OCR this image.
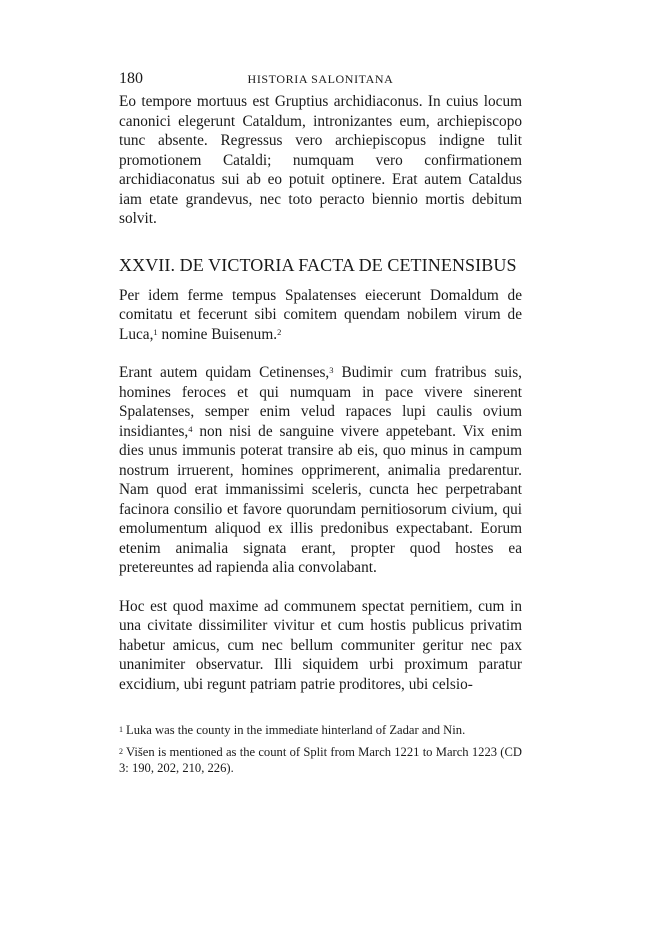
180	HISTORIA SALONITANA

Eo tempore mortuus est Gruptius archidiaconus. In cuius locum canonici elegerunt Cataldum, intronizantes eum, archiepiscopo tunc absente. Regressus vero archiepiscopus indigne tulit promotionem Cataldi; numquam vero confirmationem archidiaconatus sui ab eo potuit optinere. Erat autem Cataldus iam etate grandevus, nec toto peracto biennio mortis debitum solvit.

XXVII. DE VICTORIA FACTA DE CETINENSIBUS

Per idem ferme tempus Spalatenses eiecerunt Domaldum de comitatu et fecerunt sibi comitem quendam nobilem virum de Luca,$^1$ nomine Buisenum.$^2$

Erant autem quidam Cetinenses,$^3$ Budimir cum fratribus suis, homines feroces et qui numquam in pace vivere sinerent Spalatenses, semper enim velud rapaces lupi caulis ovium insidiantes,$^4$ non nisi de sanguine vivere appetebant. Vix enim dies unus immunis poterat transire ab eis, quo minus in campum nostrum irruerent, homines opprimerent, animalia predarentur. Nam quod erat immanissimi sceleris, cuncta hec perpetrabant facinora consilio et favore quorundam pernitiosorum civium, qui emolumentum aliquod ex illis predonibus expectabant. Eorum etenim animalia signata erant, propter quod hostes ea pretereuntes ad rapienda alia convolabant.

Hoc est quod maxime ad communem spectat pernitiem, cum in una civitate dissimiliter vivitur et cum hostis publicus privatim habetur amicus, cum nec bellum communiter geritur nec pax unanimiter observatur. Illi siquidem urbi proximum paratur excidium, ubi regunt patriam patrie proditores, ubi celsio-

$^1$ Luka was the county in the immediate hinterland of Zadar and Nin.

$^2$ Višen is mentioned as the count of Split from March 1221 to March 1223 (CD 3: 190, 202, 210, 226).
